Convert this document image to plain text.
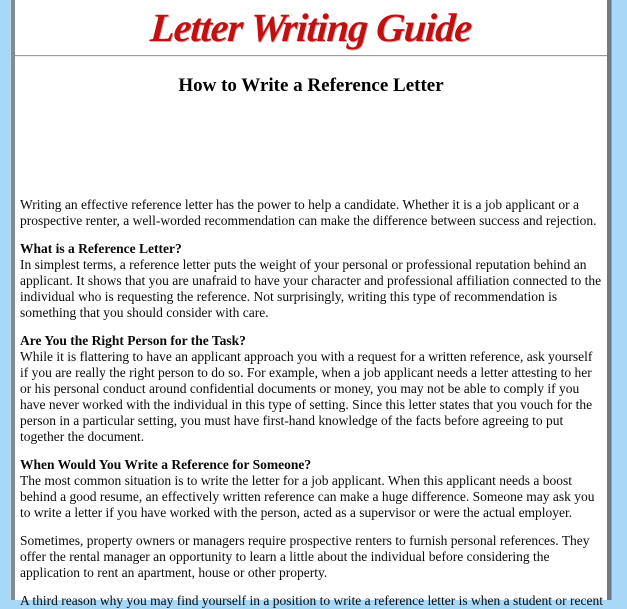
Letter Writing Guide
How to Write a Reference Letter

Writing an effective reference letter has the power to help a candidate. Whether it is a job applicant or a prospective renter, a well-worded recommendation can make the difference between success and rejection.

What is a Reference Letter?
In simplest terms, a reference letter puts the weight of your personal or professional reputation behind an applicant. It shows that you are unafraid to have your character and professional affiliation connected to the individual who is requesting the reference. Not surprisingly, writing this type of recommendation is something that you should consider with care.
Are You the Right Person for the Task?
While it is flattering to have an applicant approach you with a request for a written reference, ask yourself if you are really the right person to do so. For example, when a job applicant needs a letter attesting to her or his personal conduct around confidential documents or money, you may not be able to comply if you have never worked with the individual in this type of setting. Since this letter states that you vouch for the person in a particular setting, you must have first-hand knowledge of the facts before agreeing to put together the document.
When Would You Write a Reference for Someone?
The most common situation is to write the letter for a job applicant. When this applicant needs a boost behind a good resume, an effectively written reference can make a huge difference. Someone may ask you to write a letter if you have worked with the person, acted as a supervisor or were the actual employer.

Sometimes, property owners or managers require prospective renters to furnish personal references. They offer the rental manager an opportunity to learn a little about the individual before considering the application to rent an apartment, house or other property.

A third reason why you may find yourself in a position to write a reference letter is when a student or recent
